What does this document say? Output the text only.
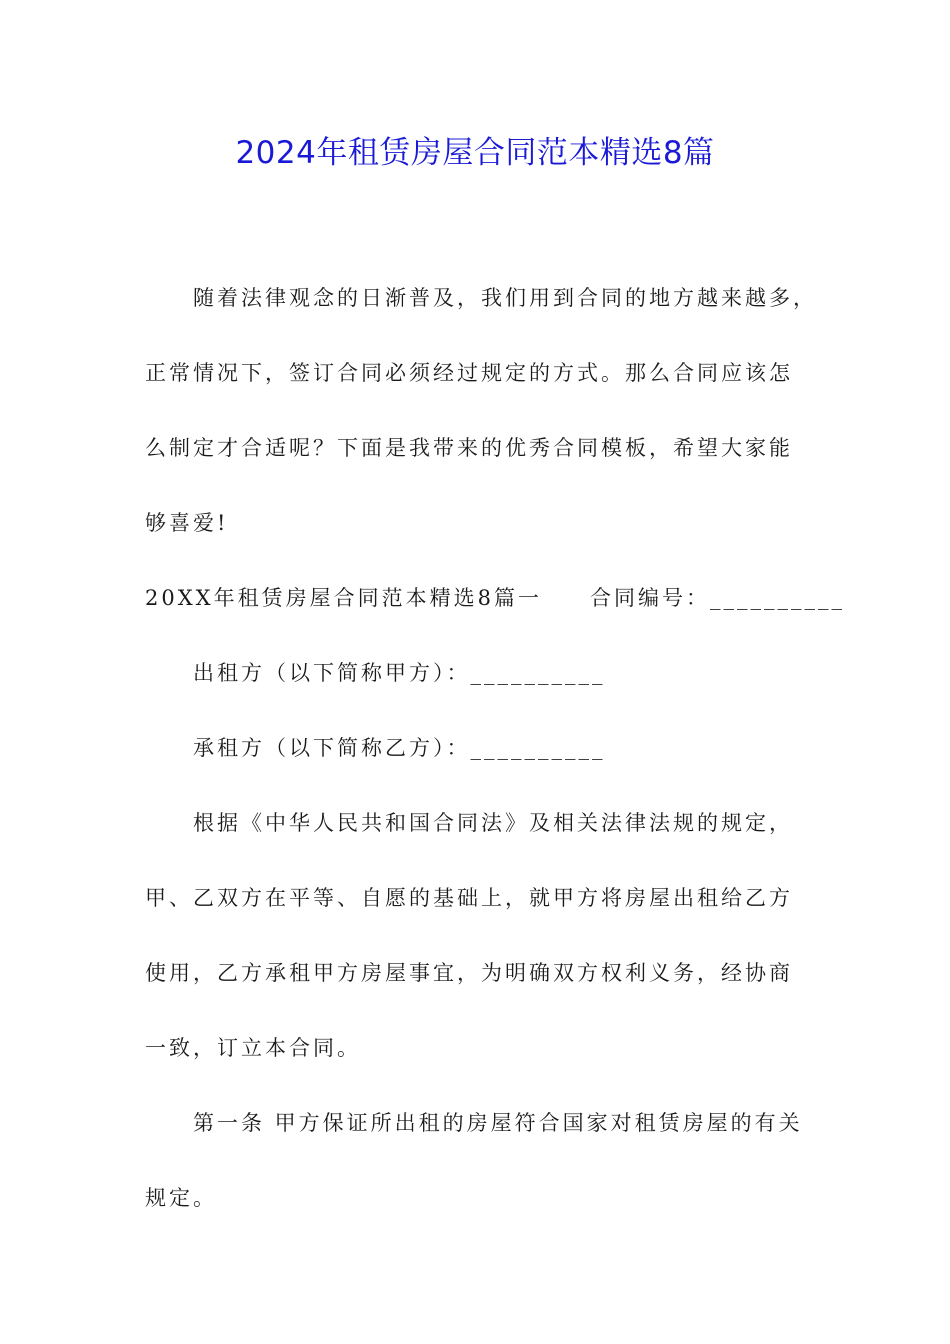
2024年租赁房屋合同范本精选8篇

随着法律观念的日渐普及，我们用到合同的地方越来越多，

正常情况下，签订合同必须经过规定的方式。那么合同应该怎

么制定才合适呢？下面是我带来的优秀合同模板，希望大家能

够喜爱!

20XX年租赁房屋合同范本精选8篇一 合同编号：__________

出租方（以下简称甲方）：__________

承租方（以下简称乙方）：__________

根据《中华人民共和国合同法》及相关法律法规的规定，

甲、乙双方在平等、自愿的基础上，就甲方将房屋出租给乙方

使用，乙方承租甲方房屋事宜，为明确双方权利义务，经协商

一致，订立本合同。

第一条 甲方保证所出租的房屋符合国家对租赁房屋的有关

规定。
